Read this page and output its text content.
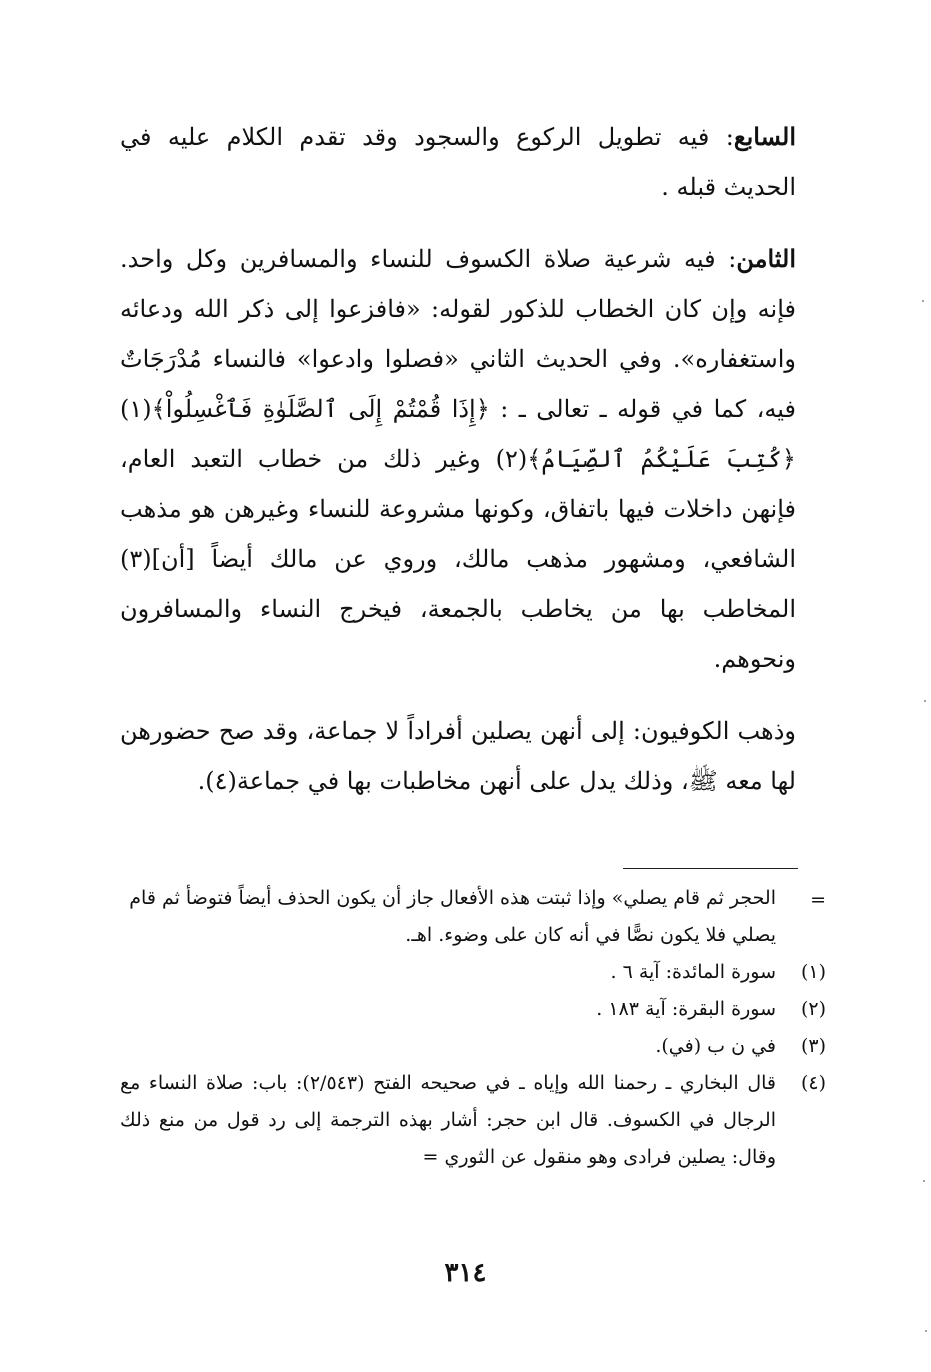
السابع: فيه تطويل الركوع والسجود وقد تقدم الكلام عليه في الحديث قبله .

الثامن: فيه شرعية صلاة الكسوف للنساء والمسافرين وكل واحد. فإنه وإن كان الخطاب للذكور لقوله: «فافزعوا إلى ذكر الله ودعائه واستغفاره». وفي الحديث الثاني «فصلوا وادعوا» فالنساء مُدْرَجَاتٌ فيه، كما في قوله ـ تعالى ـ : ﴿إِذَا قُمْتُمْ إِلَى ٱلصَّلَوٰةِ فَٱغْسِلُواْ﴾(١) ﴿كُتِبَ عَلَيْكُمُ ٱلصِّيَامُ﴾(٢) وغير ذلك من خطاب التعبد العام، فإنهن داخلات فيها باتفاق، وكونها مشروعة للنساء وغيرهن هو مذهب الشافعي، ومشهور مذهب مالك، وروي عن مالك أيضاً [أن](٣) المخاطب بها من يخاطب بالجمعة، فيخرج النساء والمسافرون ونحوهم.

وذهب الكوفيون: إلى أنهن يصلين أفراداً لا جماعة، وقد صح حضورهن لها معه ﷺ، وذلك يدل على أنهن مخاطبات بها في جماعة(٤).

=
الحجر ثم قام يصلي» وإذا ثبتت هذه الأفعال جاز أن يكون الحذف أيضاً فتوضأ ثم قام يصلي فلا يكون نصًّا في أنه كان على وضوء. اهـ.
(١)
سورة المائدة: آية ٦ .
(٢)
سورة البقرة: آية ١٨٣ .
(٣)
في ن ب (في).
(٤)
قال البخاري ـ رحمنا الله وإياه ـ في صحيحه الفتح (٢/٥٤٣): باب: صلاة النساء مع الرجال في الكسوف. قال ابن حجر: أشار بهذه الترجمة إلى رد قول من منع ذلك وقال: يصلين فرادى وهو منقول عن الثوري =
٣١٤
